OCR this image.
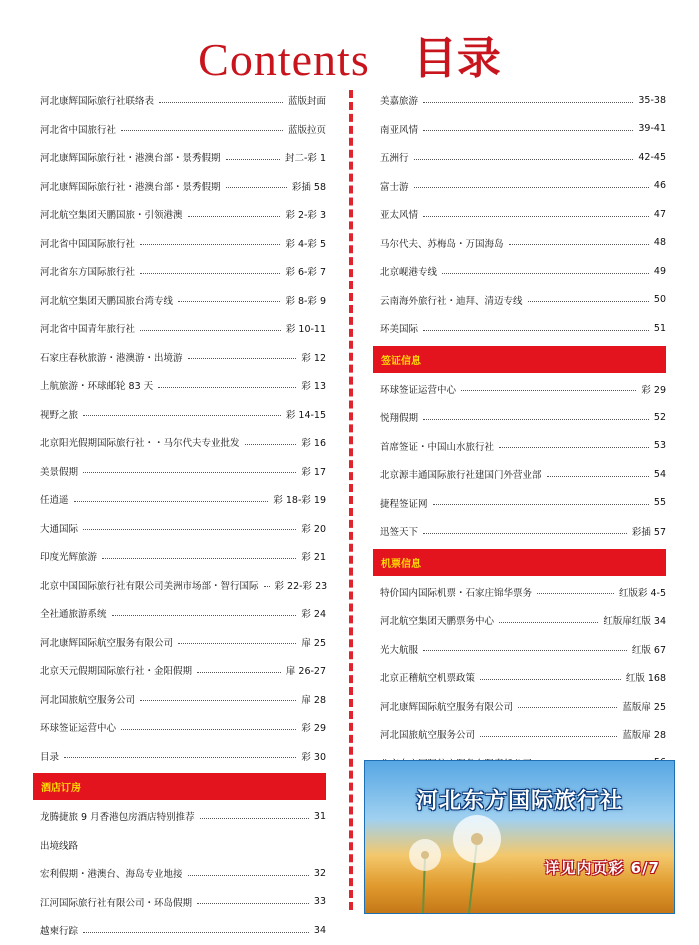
Contents 目录
河北康辉国际旅行社联络表	蓝版封面
河北省中国旅行社	蓝版拉页
河北康辉国际旅行社・港澳台部・景秀假期	封二-彩 1
河北康辉国际旅行社・港澳台部・景秀假期	彩插 58
河北航空集团天鹏国旅・引领港澳	彩 2-彩 3
河北省中国国际旅行社	彩 4-彩 5
河北省东方国际旅行社	彩 6-彩 7
河北航空集团天鹏国旅台湾专线	彩 8-彩 9
河北省中国青年旅行社	彩 10-11
石家庄春秋旅游・港澳游・出境游	彩 12
上航旅游・环球邮轮 83 天	彩 13
视野之旅	彩 14-15
北京阳光假期国际旅行社・・马尔代夫专业批发	彩 16
美景假期	彩 17
任逍遥	彩 18-彩 19
大通国际	彩 20
印度光辉旅游	彩 21
北京中国国际旅行社有限公司美洲市场部・智行国际	彩 22-彩 23
全社通旅游系统	彩 24
河北康辉国际航空服务有限公司	扉 25
北京天元假期国际旅行社・金阳假期	扉 26-27
河北国旅航空服务公司	扉 28
环球签证运营中心	彩 29
目录	彩 30
酒店订房
龙腾捷旅 9 月香港包房酒店特别推荐	31
出境线路
宏利假期・港澳台、海岛专业地接	32
江河国际旅行社有限公司・环岛假期	33
越柬行踪	34
美嘉旅游	35-38
南亚风情	39-41
五洲行	42-45
富士游	46
亚太风情	47
马尔代夫、苏梅岛・万国海岛	48
北京岘港专线	49
云南海外旅行社・迪拜、清迈专线	50
环美国际	51
签证信息
环球签证运营中心	彩 29
悦翔假期	52
首席签证・中国山水旅行社	53
北京源丰通国际旅行社建国门外营业部	54
捷程签证网	55
迅签天下	彩插 57
机票信息
特价国内国际机票・石家庄锦华票务	红版彩 4-5
河北航空集团天鹏票务中心	红版扉红版 34
光大航服	红版 67
北京正稽航空机票政策	红版 168
河北康辉国际航空服务有限公司	蓝版扉 25
河北国旅航空服务公司	蓝版扉 28
河北东方国际旅行社
详见内页彩 6/7
